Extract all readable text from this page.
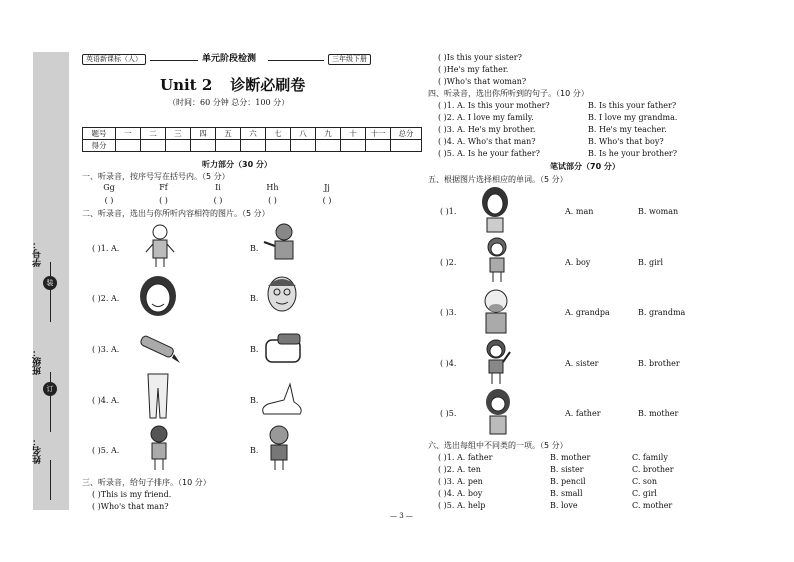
学号：
装
班级：
订
姓名：
英语新课标（人）	单元阶段检测	三年级下册
Unit 2 诊断必刷卷
（时间：60 分钟 总分：100 分）
题号	一	二	三	四	五	六	七	八	九	十	十一	总分
得分												
听力部分（30 分）
一、听录音，按序号写在括号内。（5 分）
Gg	Ff	Ii	Hh	Jj
( )	( )	( )	( )	( )
二、听录音，选出与你所听内容相符的图片。（5 分）
( )1. A.	B.
( )2. A.	B.
( )3. A.	B.
( )4. A.	B.
( )5. A.	B.
三、听录音，给句子排序。（10 分）
( )This is my friend.
( )Who's that man?
( )Is this your sister?
( )He's my father.
( )Who's that woman?
四、听录音，选出你所听到的句子。（10 分）
( )1. A. Is this your mother?	B. Is this your father?
( )2. A. I love my family.	B. I love my grandma.
( )3. A. He's my brother.	B. He's my teacher.
( )4. A. Who's that man?	B. Who's that boy?
( )5. A. Is he your father?	B. Is he your brother?
笔试部分（70 分）
五、根据图片选择相应的单词。（5 分）
( )1.	A. man	B. woman
( )2.	A. boy	B. girl
( )3.	A. grandpa	B. grandma
( )4.	A. sister	B. brother
( )5.	A. father	B. mother
六、选出每组中不同类的一项。（5 分）
( )1. A. father	B. mother	C. family
( )2. A. ten	B. sister	C. brother
( )3. A. pen	B. pencil	C. son
( )4. A. boy	B. small	C. girl
( )5. A. help	B. love	C. mother
— 3 —
